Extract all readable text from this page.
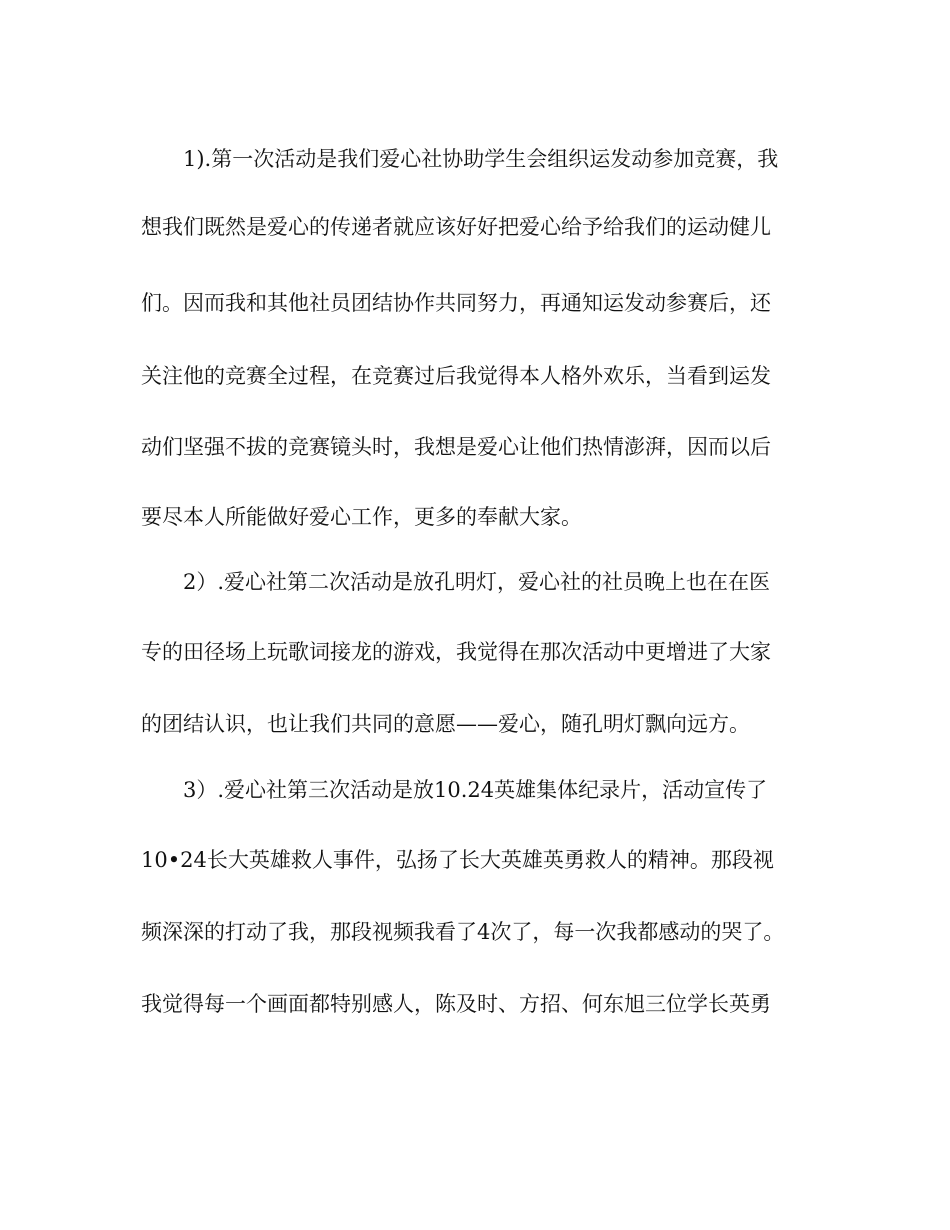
1).第一次活动是我们爱心社协助学生会组织运发动参加竞赛，我
想我们既然是爱心的传递者就应该好好把爱心给予给我们的运动健儿
们。因而我和其他社员团结协作共同努力，再通知运发动参赛后，还
关注他的竞赛全过程，在竞赛过后我觉得本人格外欢乐，当看到运发
动们坚强不拔的竞赛镜头时，我想是爱心让他们热情澎湃，因而以后
要尽本人所能做好爱心工作，更多的奉献大家。
2）.爱心社第二次活动是放孔明灯，爱心社的社员晚上也在在医
专的田径场上玩歌词接龙的游戏，我觉得在那次活动中更增进了大家
的团结认识，也让我们共同的意愿——爱心，随孔明灯飘向远方。
3）.爱心社第三次活动是放10.24英雄集体纪录片，活动宣传了
10•24长大英雄救人事件，弘扬了长大英雄英勇救人的精神。那段视
频深深的打动了我，那段视频我看了4次了，每一次我都感动的哭了。
我觉得每一个画面都特别感人，陈及时、方招、何东旭三位学长英勇
